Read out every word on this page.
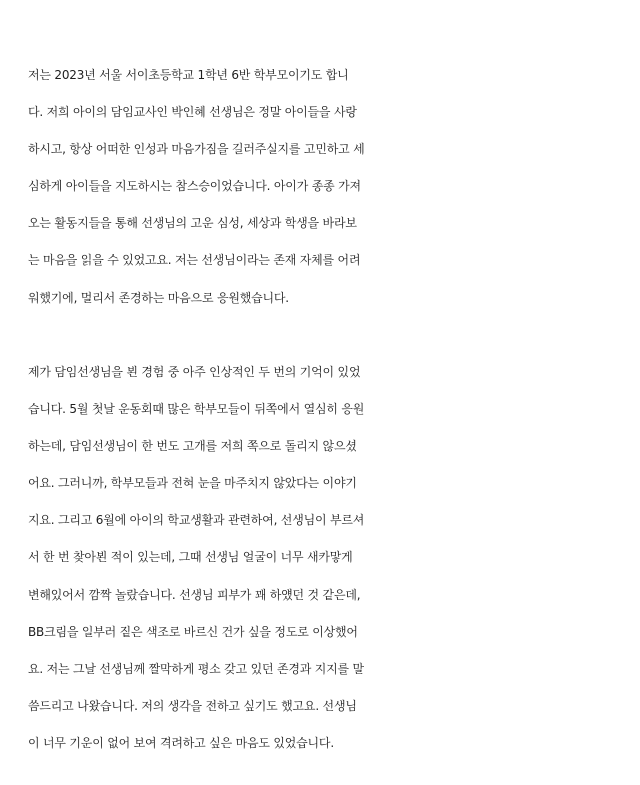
저는 2023년 서울 서이초등학교 1학년 6반 학부모이기도 합니
다. 저희 아이의 담임교사인 박인혜 선생님은 정말 아이들을 사랑
하시고, 항상 어떠한 인성과 마음가짐을 길러주실지를 고민하고 세
심하게 아이들을 지도하시는 참스승이었습니다. 아이가 종종 가져
오는 활동지들을 통해 선생님의 고운 심성, 세상과 학생을 바라보
는 마음을 읽을 수 있었고요. 저는 선생님이라는 존재 자체를 어려
워했기에, 멀리서 존경하는 마음으로 응원했습니다.
제가 담임선생님을 뵌 경험 중 아주 인상적인 두 번의 기억이 있었
습니다. 5월 첫날 운동회때 많은 학부모들이 뒤쪽에서 열심히 응원
하는데, 담임선생님이 한 번도 고개를 저희 쪽으로 돌리지 않으셨
어요. 그러니까, 학부모들과 전혀 눈을 마주치지 않았다는 이야기
지요. 그리고 6월에 아이의 학교생활과 관련하여, 선생님이 부르셔
서 한 번 찾아뵌 적이 있는데, 그때 선생님 얼굴이 너무 새카맣게
변해있어서 깜짝 놀랐습니다. 선생님 피부가 꽤 하얬던 것 같은데,
BB크림을 일부러 짙은 색조로 바르신 건가 싶을 정도로 이상했어
요. 저는 그날 선생님께 짤막하게 평소 갖고 있던 존경과 지지를 말
씀드리고 나왔습니다. 저의 생각을 전하고 싶기도 했고요. 선생님
이 너무 기운이 없어 보여 격려하고 싶은 마음도 있었습니다.
